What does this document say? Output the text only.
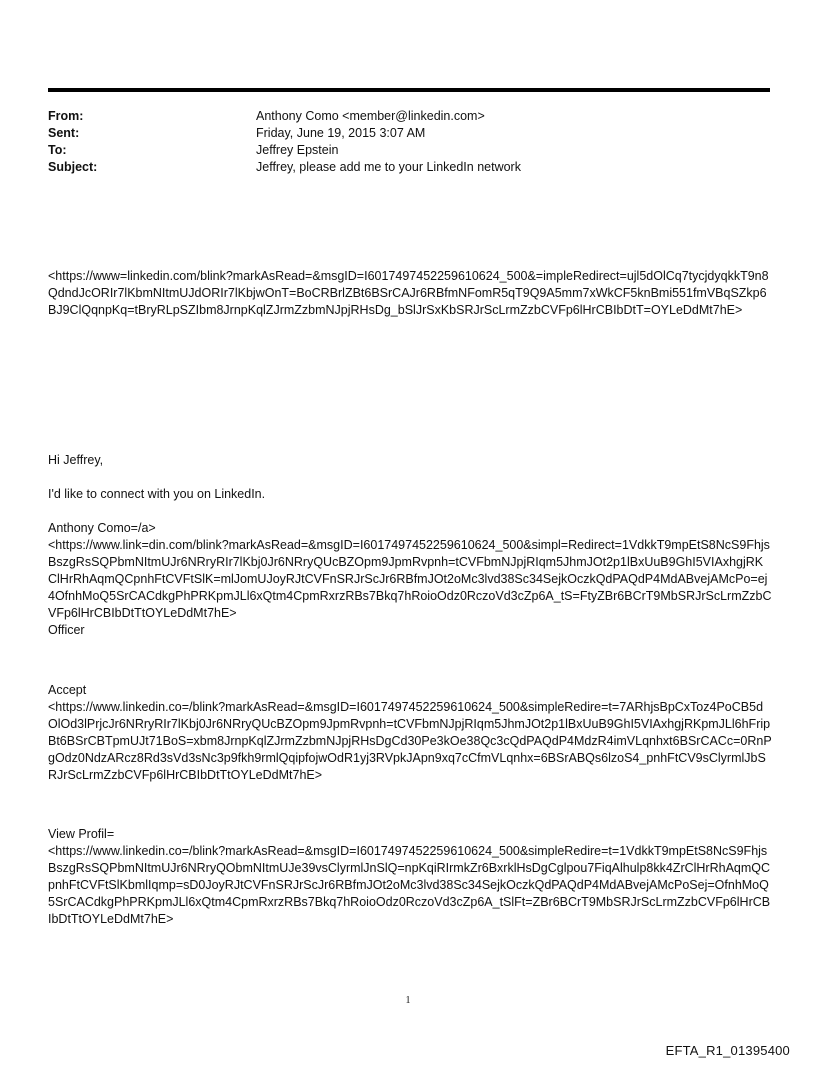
From:	Anthony Como <member@linkedin.com>
Sent:	Friday, June 19, 2015 3:07 AM
To:	Jeffrey Epstein
Subject:	Jeffrey, please add me to your LinkedIn network
<https://www=linkedin.com/blink?markAsRead=&msgID=I6017497452259610624_500&=impleRedirect=ujl5dOlCq7tycjdyqkkT9n8QdndJcORIr7lKbmNItmUJdORIr7lKbjwOnT=BoCRBrlZBt6BSrCAJr6RBfmNFomR5qT9Q9A5mm7xWkCF5knBmi551fmVBqSZkp6BJ9ClQqnpKq=tBryRLpSZIbm8JrnpKqlZJrmZzbmNJpjRHsDg_bSlJrSxKbSRJrScLrmZzbCVFp6lHrCBIbDtT=OYLeDdMt7hE>
Hi Jeffrey,
I'd like to connect with you on LinkedIn.
Anthony Como=/a>
<https://www.link=din.com/blink?markAsRead=&msgID=I6017497452259610624_500&simpl=Redirect=1VdkkT9mpEtS8NcS9FhjsBszgRsSQPbmNItmUJr6NRryRIr7lKbj0Jr6NRryQUcBZOpm9JpmRvpnh=tCVFbmNJpjRIqm5JhmJOt2p1lBxUuB9GhI5VIAxhgjRKClHrRhAqmQCpnhFtCVFtSlK=mlJomUJoyRJtCVFnSRJrScJr6RBfmJOt2oMc3lvd38Sc34SejkOczkQdPAQdP4MdABvejAMcPo=ej4OfnhMoQ5SrCACdkgPhPRKpmJLl6xQtm4CpmRxrzRBs7Bkq7hRoioOdz0RczoVd3cZp6A_tS=FtyZBr6BCrT9MbSRJrScLrmZzbCVFp6lHrCBIbDtTtOYLeDdMt7hE>
Officer
Accept
<https://www.linkedin.co=/blink?markAsRead=&msgID=I6017497452259610624_500&simpleRedire=t=7ARhjsBpCxToz4PoCB5dOlOd3lPrjcJr6NRryRIr7lKbj0Jr6NRryQUcBZOpm9JpmRvpnh=tCVFbmNJpjRIqm5JhmJOt2p1lBxUuB9GhI5VIAxhgjRKpmJLl6hFripBt6BSrCBTpmUJt71BoS=xbm8JrnpKqlZJrmZzbmNJpjRHsDgCd30Pe3kOe38Qc3cQdPAQdP4MdzR4imVLqnhxt6BSrCACc=0RnPgOdz0NdzARcz8Rd3sVd3sNc3p9fkh9rmlQqipfojwOdR1yj3RVpkJApn9xq7cCfmVLqnhx=6BSrABQs6lzoS4_pnhFtCV9sClyrmlJbSRJrScLrmZzbCVFp6lHrCBIbDtTtOYLeDdMt7hE>
View Profil=
<https://www.linkedin.co=/blink?markAsRead=&msgID=I6017497452259610624_500&simpleRedire=t=1VdkkT9mpEtS8NcS9FhjsBszgRsSQPbmNItmUJr6NRryQObmNItmUJe39vsClyrmlJnSlQ=npKqiRIrmkZr6BxrklHsDgCglpou7FiqAlhulp8kk4ZrClHrRhAqmQCpnhFtCVFtSlKbmlIqmp=sD0JoyRJtCVFnSRJrScJr6RBfmJOt2oMc3lvd38Sc34SejkOczkQdPAQdP4MdABvejAMcPoSej=OfnhMoQ5SrCACdkgPhPRKpmJLl6xQtm4CpmRxrzRBs7Bkq7hRoioOdz0RczoVd3cZp6A_tSlFt=ZBr6BCrT9MbSRJrScLrmZzbCVFp6lHrCBIbDtTtOYLeDdMt7hE>
1
EFTA_R1_01395400
